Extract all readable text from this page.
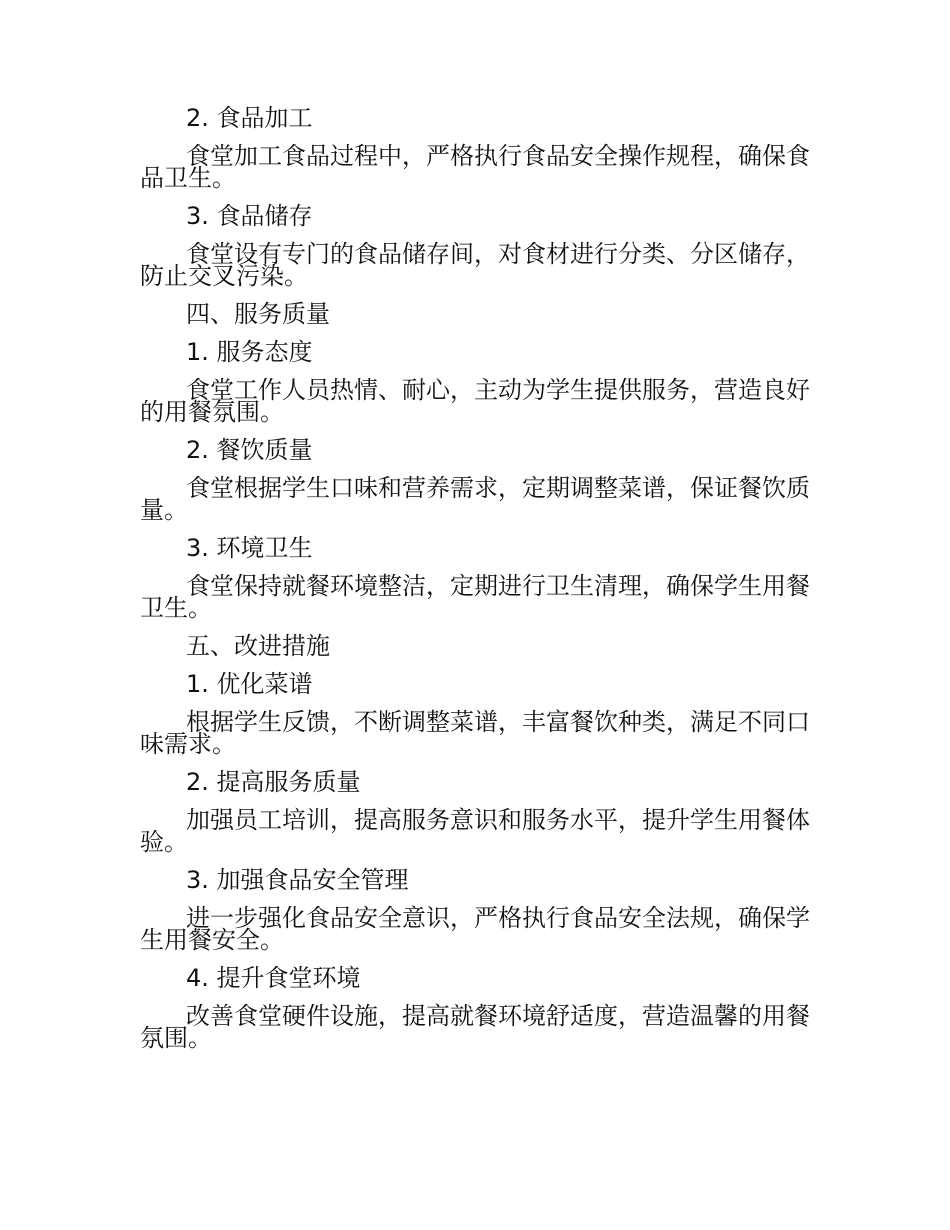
2. 食品加工
食堂加工食品过程中，严格执行食品安全操作规程，确保食品卫生。
3. 食品储存
食堂设有专门的食品储存间，对食材进行分类、分区储存，防止交叉污染。
四、服务质量
1. 服务态度
食堂工作人员热情、耐心，主动为学生提供服务，营造良好的用餐氛围。
2. 餐饮质量
食堂根据学生口味和营养需求，定期调整菜谱，保证餐饮质量。
3. 环境卫生
食堂保持就餐环境整洁，定期进行卫生清理，确保学生用餐卫生。
五、改进措施
1. 优化菜谱
根据学生反馈，不断调整菜谱，丰富餐饮种类，满足不同口味需求。
2. 提高服务质量
加强员工培训，提高服务意识和服务水平，提升学生用餐体验。
3. 加强食品安全管理
进一步强化食品安全意识，严格执行食品安全法规，确保学生用餐安全。
4. 提升食堂环境
改善食堂硬件设施，提高就餐环境舒适度，营造温馨的用餐氛围。
